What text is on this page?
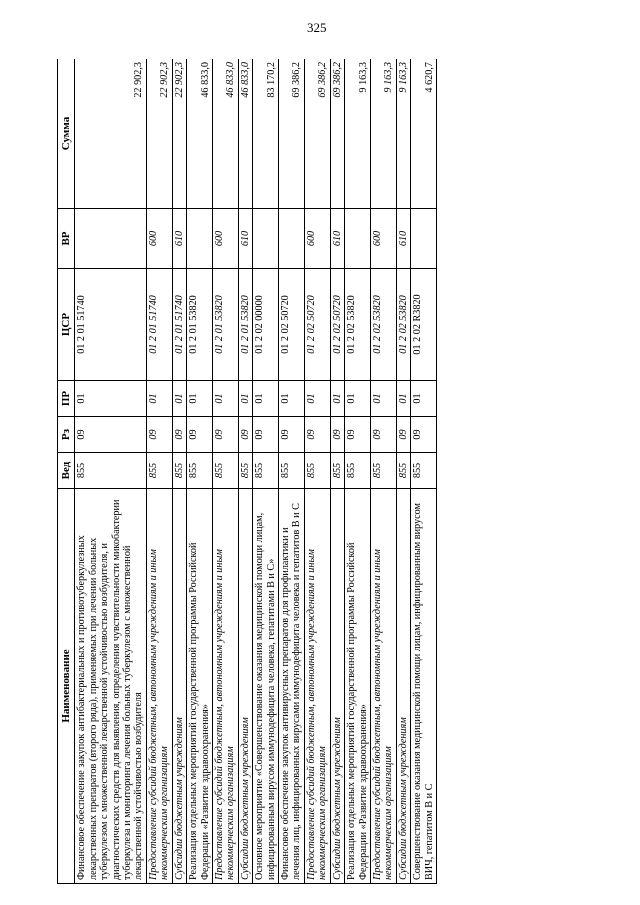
325
Наименование	Вед	Рз	ПР	ЦСР	ВР	Сумма
Финансовое обеспечение закупок антибактериальных и противотуберкулезных лекарственных препаратов (второго ряда), применяемых при лечении больных туберкулезом с множественной лекарственной устойчивостью возбудителя, и диагностических средств для выявления, определения чувствительности микобактерии туберкулеза и мониторинга лечения больных туберкулезом с множественной лекарственной устойчивостью возбудителя	855	09	01	01 2 01 51740		22 902,3
Предоставление субсидий бюджетным, автономным учреждениям и иным некоммерческим организациям	855	09	01	01 2 01 51740	600	22 902,3
Субсидии бюджетным учреждениям	855	09	01	01 2 01 51740	610	22 902,3
Реализация отдельных мероприятий государственной программы Российской Федерации «Развитие здравоохранения»	855	09	01	01 2 01 53820		46 833,0
Предоставление субсидий бюджетным, автономным учреждениям и иным некоммерческим организациям	855	09	01	01 2 01 53820	600	46 833,0
Субсидии бюджетным учреждениям	855	09	01	01 2 01 53820	610	46 833,0
Основное мероприятие «Совершенствование оказания медицинской помощи лицам, инфицированным вирусом иммунодефицита человека, гепатитами В и С»	855	09	01	01 2 02 00000		83 170,2
Финансовое обеспечение закупок антивирусных препаратов для профилактики и лечения лиц, инфицированных вирусами иммунодефицита человека и гепатитов В и С	855	09	01	01 2 02 50720		69 386,2
Предоставление субсидий бюджетным, автономным учреждениям и иным некоммерческим организациям	855	09	01	01 2 02 50720	600	69 386,2
Субсидии бюджетным учреждениям	855	09	01	01 2 02 50720	610	69 386,2
Реализация отдельных мероприятий государственной программы Российской Федерации «Развитие здравоохранения»	855	09	01	01 2 02 53820		9 163,3
Предоставление субсидий бюджетным, автономным учреждениям и иным некоммерческим организациям	855	09	01	01 2 02 53820	600	9 163,3
Субсидии бюджетным учреждениям	855	09	01	01 2 02 53820	610	9 163,3
Совершенствование оказания медицинской помощи лицам, инфицированным вирусом ВИЧ, гепатитом В и С	855	09	01	01 2 02 R3820		4 620,7
